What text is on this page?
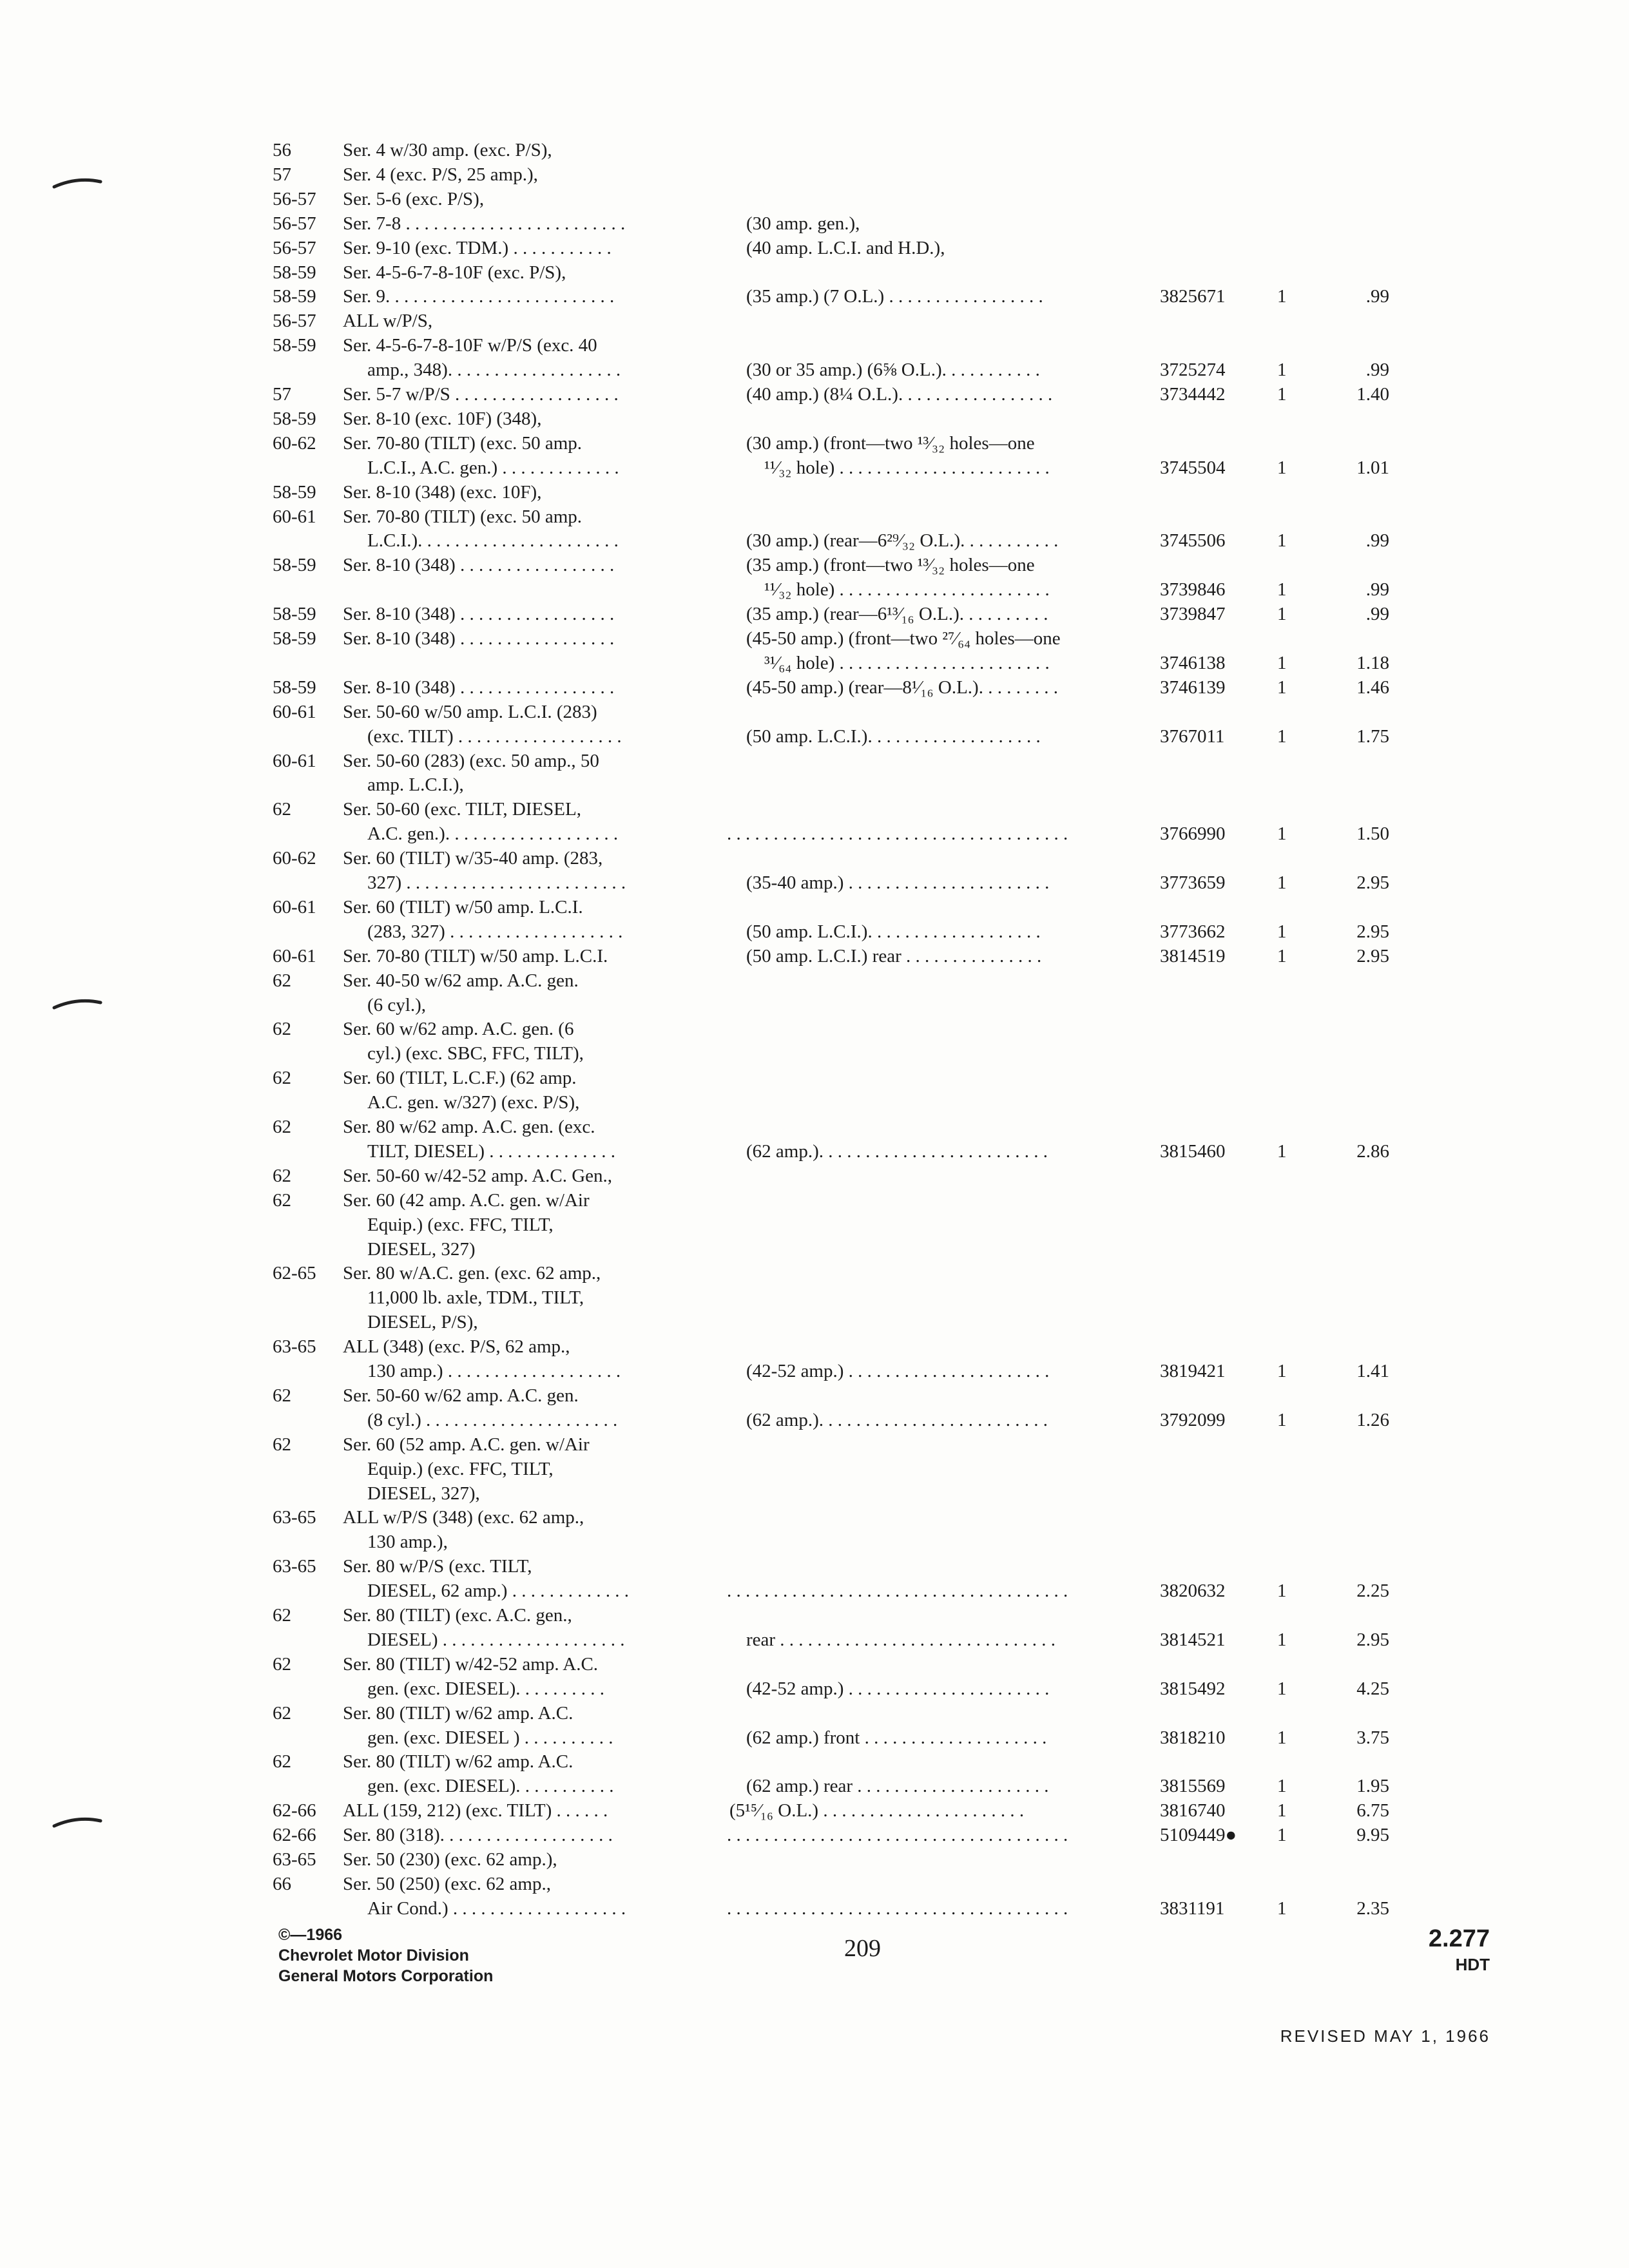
56	Ser. 4 w/30 amp. (exc. P/S),
57	Ser. 4 (exc. P/S, 25 amp.),
56-57 Ser. 5-6 (exc. P/S),
56-57 Ser. 7-8 . . . . . . . . . . . . . . . . . . . . . . . .	(30 amp. gen.),
56-57 Ser. 9-10 (exc. TDM.) . . . . . . . . . . .	(40 amp. L.C.I. and H.D.),
58-59 Ser. 4-5-6-7-8-10F (exc. P/S),
58-59 Ser. 9. . . . . . . . . . . . . . . . . . . . . . . . .	(35 amp.) (7 O.L.) . . . . . . . . . . . . . . . . .	3825671	1	.99
56-57 ALL w/P/S,
58-59 Ser. 4-5-6-7-8-10F w/P/S (exc. 40
amp., 348). . . . . . . . . . . . . . . . . . .	(30 or 35 amp.) (6⅝ O.L.). . . . . . . . . . .	3725274	1	.99
57	Ser. 5-7 w/P/S . . . . . . . . . . . . . . . . . .	(40 amp.) (8¼ O.L.). . . . . . . . . . . . . . . . .	3734442	1	1.40
58-59 Ser. 8-10 (exc. 10F) (348),
60-62 Ser. 70-80 (TILT) (exc. 50 amp.	(30 amp.) (front—two ¹³⁄₃₂ holes—one
L.C.I., A.C. gen.) . . . . . . . . . . . . .	¹¹⁄₃₂ hole) . . . . . . . . . . . . . . . . . . . . . . .	3745504	1	1.01
58-59 Ser. 8-10 (348) (exc. 10F),
60-61 Ser. 70-80 (TILT) (exc. 50 amp.
L.C.I.). . . . . . . . . . . . . . . . . . . . . .	(30 amp.) (rear—6²⁹⁄₃₂ O.L.). . . . . . . . . . .	3745506	1	.99
58-59 Ser. 8-10 (348) . . . . . . . . . . . . . . . . .	(35 amp.) (front—two ¹³⁄₃₂ holes—one
¹¹⁄₃₂ hole) . . . . . . . . . . . . . . . . . . . . . . .	3739846	1	.99
58-59 Ser. 8-10 (348) . . . . . . . . . . . . . . . . .	(35 amp.) (rear—6¹³⁄₁₆ O.L.). . . . . . . . . .	3739847	1	.99
58-59 Ser. 8-10 (348) . . . . . . . . . . . . . . . . .	(45-50 amp.) (front—two ²⁷⁄₆₄ holes—one
³¹⁄₆₄ hole) . . . . . . . . . . . . . . . . . . . . . . .	3746138	1	1.18
58-59 Ser. 8-10 (348) . . . . . . . . . . . . . . . . .	(45-50 amp.) (rear—8¹⁄₁₆ O.L.). . . . . . . . .	3746139	1	1.46
60-61 Ser. 50-60 w/50 amp. L.C.I. (283)
(exc. TILT) . . . . . . . . . . . . . . . . . .	(50 amp. L.C.I.). . . . . . . . . . . . . . . . . . .	3767011	1	1.75
60-61 Ser. 50-60 (283) (exc. 50 amp., 50
amp. L.C.I.),
62	Ser. 50-60 (exc. TILT, DIESEL,
A.C. gen.). . . . . . . . . . . . . . . . . . .	. . . . . . . . . . . . . . . . . . . . . . . . . . . . . . . . . . . . .	3766990	1	1.50
60-62 Ser. 60 (TILT) w/35-40 amp. (283,
327) . . . . . . . . . . . . . . . . . . . . . . . .	(35-40 amp.) . . . . . . . . . . . . . . . . . . . . . .	3773659	1	2.95
60-61 Ser. 60 (TILT) w/50 amp. L.C.I.
(283, 327) . . . . . . . . . . . . . . . . . . .	(50 amp. L.C.I.). . . . . . . . . . . . . . . . . . .	3773662	1	2.95
60-61 Ser. 70-80 (TILT) w/50 amp. L.C.I.	(50 amp. L.C.I.) rear . . . . . . . . . . . . . . .	3814519	1	2.95
62	Ser. 40-50 w/62 amp. A.C. gen.
(6 cyl.),
62	Ser. 60 w/62 amp. A.C. gen. (6
cyl.) (exc. SBC, FFC, TILT),
62	Ser. 60 (TILT, L.C.F.) (62 amp.
A.C. gen. w/327) (exc. P/S),
62	Ser. 80 w/62 amp. A.C. gen. (exc.
TILT, DIESEL) . . . . . . . . . . . . . .	(62 amp.). . . . . . . . . . . . . . . . . . . . . . . . .	3815460	1	2.86
62	Ser. 50-60 w/42-52 amp. A.C. Gen.,
62	Ser. 60 (42 amp. A.C. gen. w/Air
Equip.) (exc. FFC, TILT,
DIESEL, 327)
62-65 Ser. 80 w/A.C. gen. (exc. 62 amp.,
11,000 lb. axle, TDM., TILT,
DIESEL, P/S),
63-65 ALL (348) (exc. P/S, 62 amp.,
130 amp.) . . . . . . . . . . . . . . . . . . .	(42-52 amp.) . . . . . . . . . . . . . . . . . . . . . .	3819421	1	1.41
62	Ser. 50-60 w/62 amp. A.C. gen.
(8 cyl.) . . . . . . . . . . . . . . . . . . . . .	(62 amp.). . . . . . . . . . . . . . . . . . . . . . . . .	3792099	1	1.26
62	Ser. 60 (52 amp. A.C. gen. w/Air
Equip.) (exc. FFC, TILT,
DIESEL, 327),
63-65 ALL w/P/S (348) (exc. 62 amp.,
130 amp.),
63-65 Ser. 80 w/P/S (exc. TILT,
DIESEL, 62 amp.) . . . . . . . . . . . . .	. . . . . . . . . . . . . . . . . . . . . . . . . . . . . . . . . . . . .	3820632	1	2.25
62	Ser. 80 (TILT) (exc. A.C. gen.,
DIESEL) . . . . . . . . . . . . . . . . . . . .	rear . . . . . . . . . . . . . . . . . . . . . . . . . . . . . .	3814521	1	2.95
62	Ser. 80 (TILT) w/42-52 amp. A.C.
gen. (exc. DIESEL). . . . . . . . . .	(42-52 amp.) . . . . . . . . . . . . . . . . . . . . . .	3815492	1	4.25
62	Ser. 80 (TILT) w/62 amp. A.C.
gen. (exc. DIESEL ) . . . . . . . . . .	(62 amp.) front . . . . . . . . . . . . . . . . . . . .	3818210	1	3.75
62	Ser. 80 (TILT) w/62 amp. A.C.
gen. (exc. DIESEL). . . . . . . . . . .	(62 amp.) rear . . . . . . . . . . . . . . . . . . . . .	3815569	1	1.95
62-66 ALL (159, 212) (exc. TILT) . . . . . .	(5¹⁵⁄₁₆ O.L.) . . . . . . . . . . . . . . . . . . . . . .	3816740	1	6.75
62-66 Ser. 80 (318). . . . . . . . . . . . . . . . . . .	. . . . . . . . . . . . . . . . . . . . . . . . . . . . . . . . . . . . .	5109449● 1	9.95
63-65 Ser. 50 (230) (exc. 62 amp.),
66	Ser. 50 (250) (exc. 62 amp.,
Air Cond.) . . . . . . . . . . . . . . . . . . .	. . . . . . . . . . . . . . . . . . . . . . . . . . . . . . . . . . . . .	3831191	1	2.35
©—1966
Chevrolet Motor Division
General Motors Corporation
209	2.277
HDT
REVISED MAY 1, 1966
